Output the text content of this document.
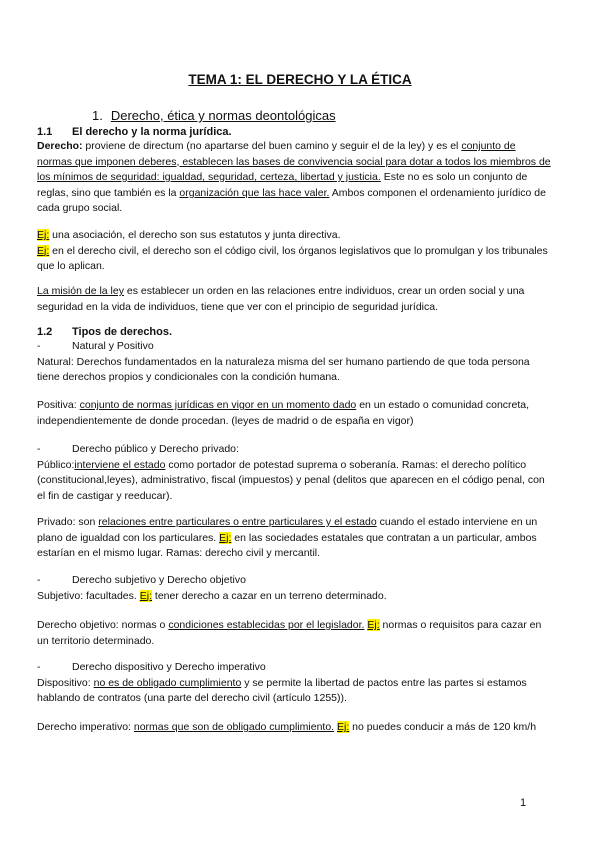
TEMA 1: EL DERECHO Y LA ÉTICA
1. Derecho, ética y normas deontológicas
1.1 El derecho y la norma jurídica.
Derecho: proviene de directum (no apartarse del buen camino y seguir el de la ley) y es el conjunto de
normas que imponen deberes, establecen las bases de convivencia social para dotar a todos los miembros de
los mínimos de seguridad: igualdad, seguridad, certeza, libertad y justicia. Este no es solo un conjunto de
reglas, sino que también es la organización que las hace valer. Ambos componen el ordenamiento jurídico de
cada grupo social.
Ej: una asociación, el derecho son sus estatutos y junta directiva.
Ej: en el derecho civil, el derecho son el código civil, los órganos legislativos que lo promulgan y los tribunales
que lo aplican.
La misión de la ley es establecer un orden en las relaciones entre individuos, crear un orden social y una
seguridad en la vida de individuos, tiene que ver con el principio de seguridad jurídica.
1.2 Tipos de derechos.
-	Natural y Positivo
Natural: Derechos fundamentados en la naturaleza misma del ser humano partiendo de que toda persona
tiene derechos propios y condicionales con la condición humana.
Positiva: conjunto de normas jurídicas en vigor en un momento dado en un estado o comunidad concreta,
independientemente de donde procedan. (leyes de madrid o de españa en vigor)
-	Derecho público y Derecho privado:
Público:interviene el estado como portador de potestad suprema o soberanía. Ramas: el derecho político
(constitucional,leyes), administrativo, fiscal (impuestos) y penal (delitos que aparecen en el código penal, con
el fin de castigar y reeducar).
Privado: son relaciones entre particulares o entre particulares y el estado cuando el estado interviene en un
plano de igualdad con los particulares. Ej: en las sociedades estatales que contratan a un particular, ambos
estarían en el mismo lugar. Ramas: derecho civil y mercantil.
-	Derecho subjetivo y Derecho objetivo
Subjetivo: facultades. Ej: tener derecho a cazar en un terreno determinado.
Derecho objetivo: normas o condiciones establecidas por el legislador. Ej: normas o requisitos para cazar en
un territorio determinado.
-	Derecho dispositivo y Derecho imperativo
Dispositivo: no es de obligado cumplimiento y se permite la libertad de pactos entre las partes si estamos
hablando de contratos (una parte del derecho civil (artículo 1255)).
Derecho imperativo: normas que son de obligado cumplimiento. Ej: no puedes conducir a más de 120 km/h
1
